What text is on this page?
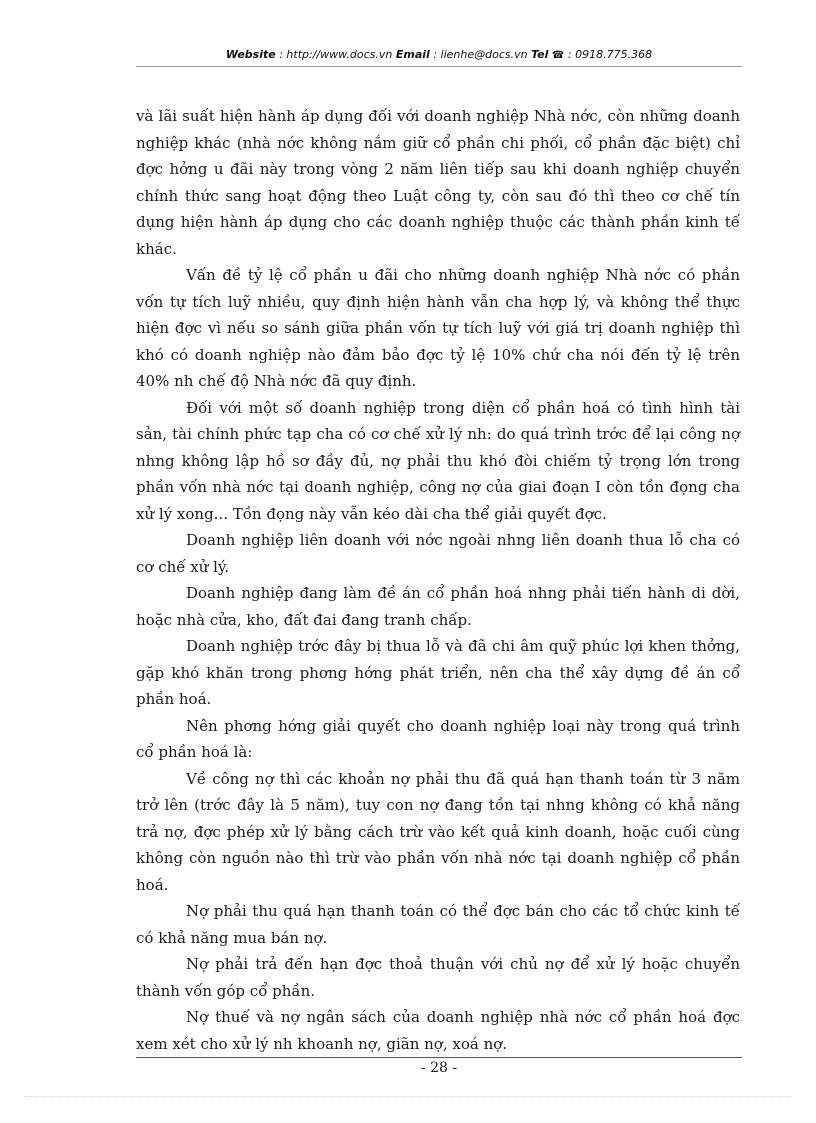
Website : http://www.docs.vn Email : lienhe@docs.vn Tel ☎ : 0918.775.368

và lãi suất hiện hành áp dụng đối với doanh nghiệp Nhà nớc, còn những doanh nghiệp khác (nhà nớc không nắm giữ cổ phần chi phối, cổ phần đặc biệt) chỉ đợc hởng u đãi này trong vòng 2 năm liên tiếp sau khi doanh nghiệp chuyển chính thức sang hoạt động theo Luật công ty, còn sau đó thì theo cơ chế tín dụng hiện hành áp dụng cho các doanh nghiệp thuộc các thành phần kinh tế khác.

Vấn đề tỷ lệ cổ phần u đãi cho những doanh nghiệp Nhà nớc có phần vốn tự tích luỹ nhiều, quy định hiện hành vẫn cha hợp lý, và không thể thực hiện đợc vì nếu so sánh giữa phần vốn tự tích luỹ với giá trị doanh nghiệp thì khó có doanh nghiệp nào đảm bảo đợc tỷ lệ 10% chứ cha nói đến tỷ lệ trên 40% nh chế độ Nhà nớc đã quy định.

Đối với một số doanh nghiệp trong diện cổ phần hoá có tình hình tài sản, tài chính phức tạp cha có cơ chế xử lý nh: do quá trình trớc để lại công nợ nhng không lập hồ sơ đầy đủ, nợ phải thu khó đòi chiếm tỷ trọng lớn trong phần vốn nhà nớc tại doanh nghiệp, công nợ của giai đoạn I còn tồn đọng cha xử lý xong... Tồn đọng này vẫn kéo dài cha thể giải quyết đợc.

Doanh nghiệp liên doanh với nớc ngoài nhng liên doanh thua lỗ cha có cơ chế xử lý.

Doanh nghiệp đang làm đề án cổ phần hoá nhng phải tiến hành di dời, hoặc nhà cửa, kho, đất đai đang tranh chấp.

Doanh nghiệp trớc đây bị thua lỗ và đã chi âm quỹ phúc lợi khen thởng, gặp khó khăn trong phơng hớng phát triển, nên cha thể xây dựng đề án cổ phần hoá.

Nên phơng hớng giải quyết cho doanh nghiệp loại này trong quá trình cổ phần hoá là:

Về công nợ thì các khoản nợ phải thu đã quá hạn thanh toán từ 3 năm trở lên (trớc đây là 5 năm), tuy con nợ đang tồn tại nhng không có khả năng trả nợ, đợc phép xử lý bằng cách trừ vào kết quả kinh doanh, hoặc cuối cùng không còn nguồn nào thì trừ vào phần vốn nhà nớc tại doanh nghiệp cổ phần hoá.

Nợ phải thu quá hạn thanh toán có thể đợc bán cho các tổ chức kinh tế có khả năng mua bán nợ.

Nợ phải trả đến hạn đợc thoả thuận với chủ nợ để xử lý hoặc chuyển thành vốn góp cổ phần.

Nợ thuế và nợ ngân sách của doanh nghiệp nhà nớc cổ phần hoá đợc xem xét cho xử lý nh khoanh nợ, giãn nợ, xoá nợ.

- 28 -
